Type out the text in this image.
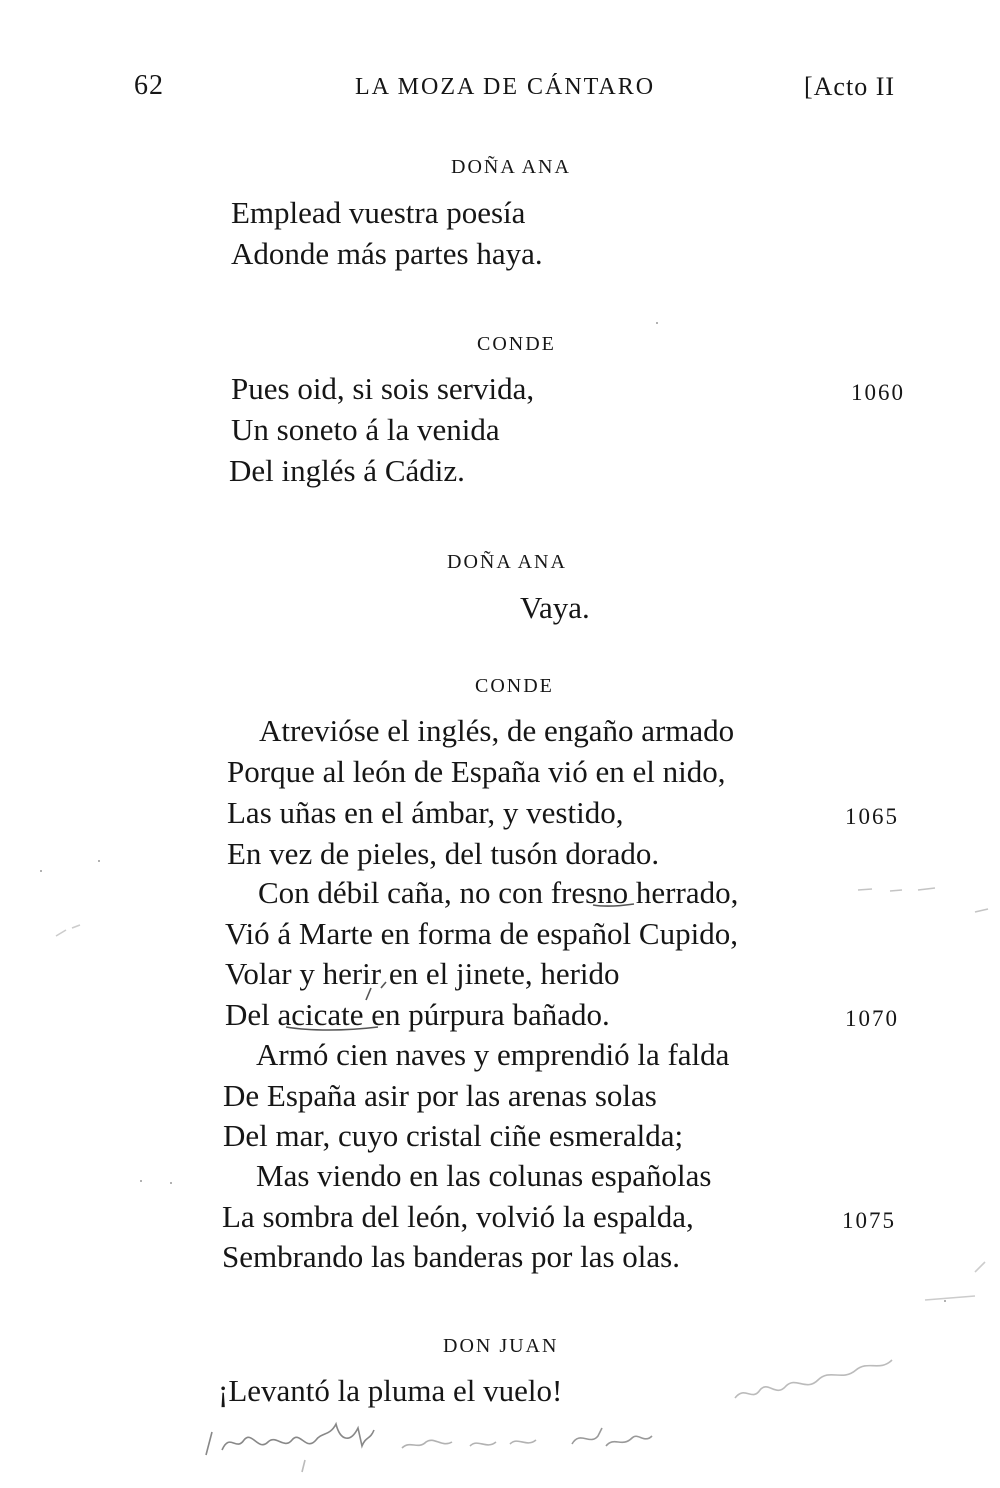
62	LA MOZA DE CÁNTARO	[Acto II
DOÑA ANA
Emplead vuestra poesía
Adonde más partes haya.
CONDE
Pues oid, si sois servida,	1060
Un soneto á la venida
Del inglés á Cádiz.
DOÑA ANA
Vaya.
CONDE
Atrevióse el inglés, de engaño armado
Porque al león de España vió en el nido,
Las uñas en el ámbar, y vestido,	1065
En vez de pieles, del tusón dorado.
Con débil caña, no con fresno herrado,
Vió á Marte en forma de español Cupido,
Volar y herir en el jinete, herido
Del acicate en púrpura bañado.	1070
Armó cien naves y emprendió la falda
De España asir por las arenas solas
Del mar, cuyo cristal ciñe esmeralda;
Mas viendo en las colunas españolas
La sombra del león, volvió la espalda,	1075
Sembrando las banderas por las olas.
DON JUAN
¡Levantó la pluma el vuelo!
